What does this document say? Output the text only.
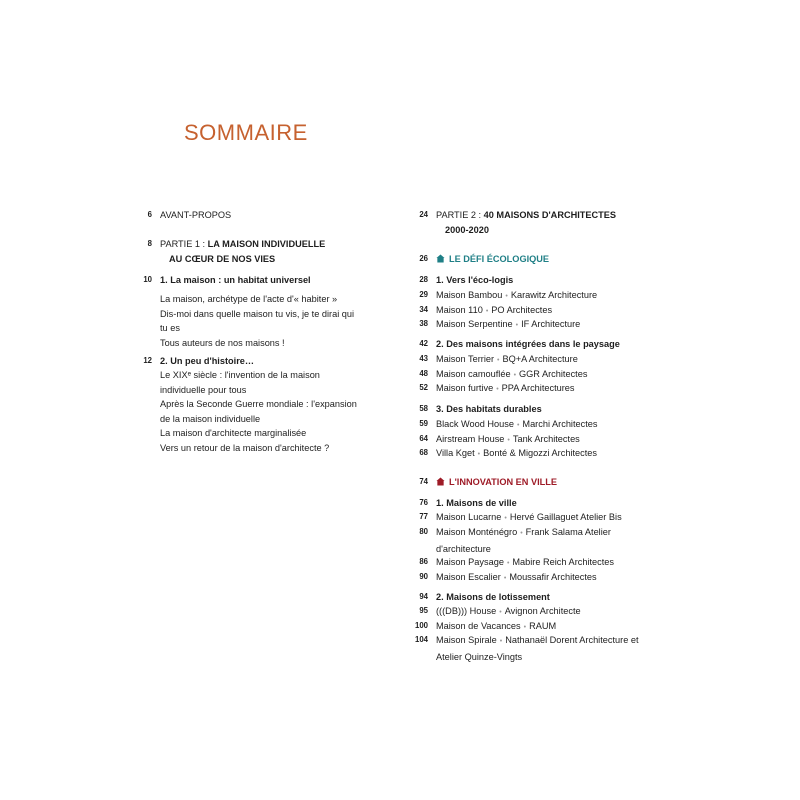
SOMMAIRE
6 AVANT-PROPOS
8 PARTIE 1 : LA MAISON INDIVIDUELLE
AU CŒUR DE NOS VIES
10 1. La maison : un habitat universel
La maison, archétype de l'acte d'« habiter »
Dis-moi dans quelle maison tu vis, je te dirai qui
tu es
Tous auteurs de nos maisons !
12 2. Un peu d'histoire…
Le XIXᵉ siècle : l'invention de la maison
individuelle pour tous
Après la Seconde Guerre mondiale : l'expansion
de la maison individuelle
La maison d'architecte marginalisée
Vers un retour de la maison d'architecte ?
24 PARTIE 2 : 40 MAISONS D'ARCHITECTES
2000-2020
26	LE DÉFI ÉCOLOGIQUE
28 1. Vers l'éco-logis
29 Maison Bambou • Karawitz Architecture
34 Maison 110 • PO Architectes
38 Maison Serpentine • IF Architecture
42 2. Des maisons intégrées dans le paysage
43 Maison Terrier • BQ+A Architecture
48 Maison camouflée • GGR Architectes
52 Maison furtive • PPA Architectures
58 3. Des habitats durables
59 Black Wood House • Marchi Architectes
64 Airstream House • Tank Architectes
68 Villa Kget • Bonté & Migozzi Architectes
74	L'INNOVATION EN VILLE
76 1. Maisons de ville
77 Maison Lucarne • Hervé Gaillaguet Atelier Bis
80 Maison Monténégro • Frank Salama Atelier
d'architecture
86 Maison Paysage • Mabire Reich Architectes
90 Maison Escalier • Moussafir Architectes
94 2. Maisons de lotissement
95 (((DB))) House • Avignon Architecte
100 Maison de Vacances • RAUM
104 Maison Spirale • Nathanaël Dorent Architecture et
Atelier Quinze-Vingts
